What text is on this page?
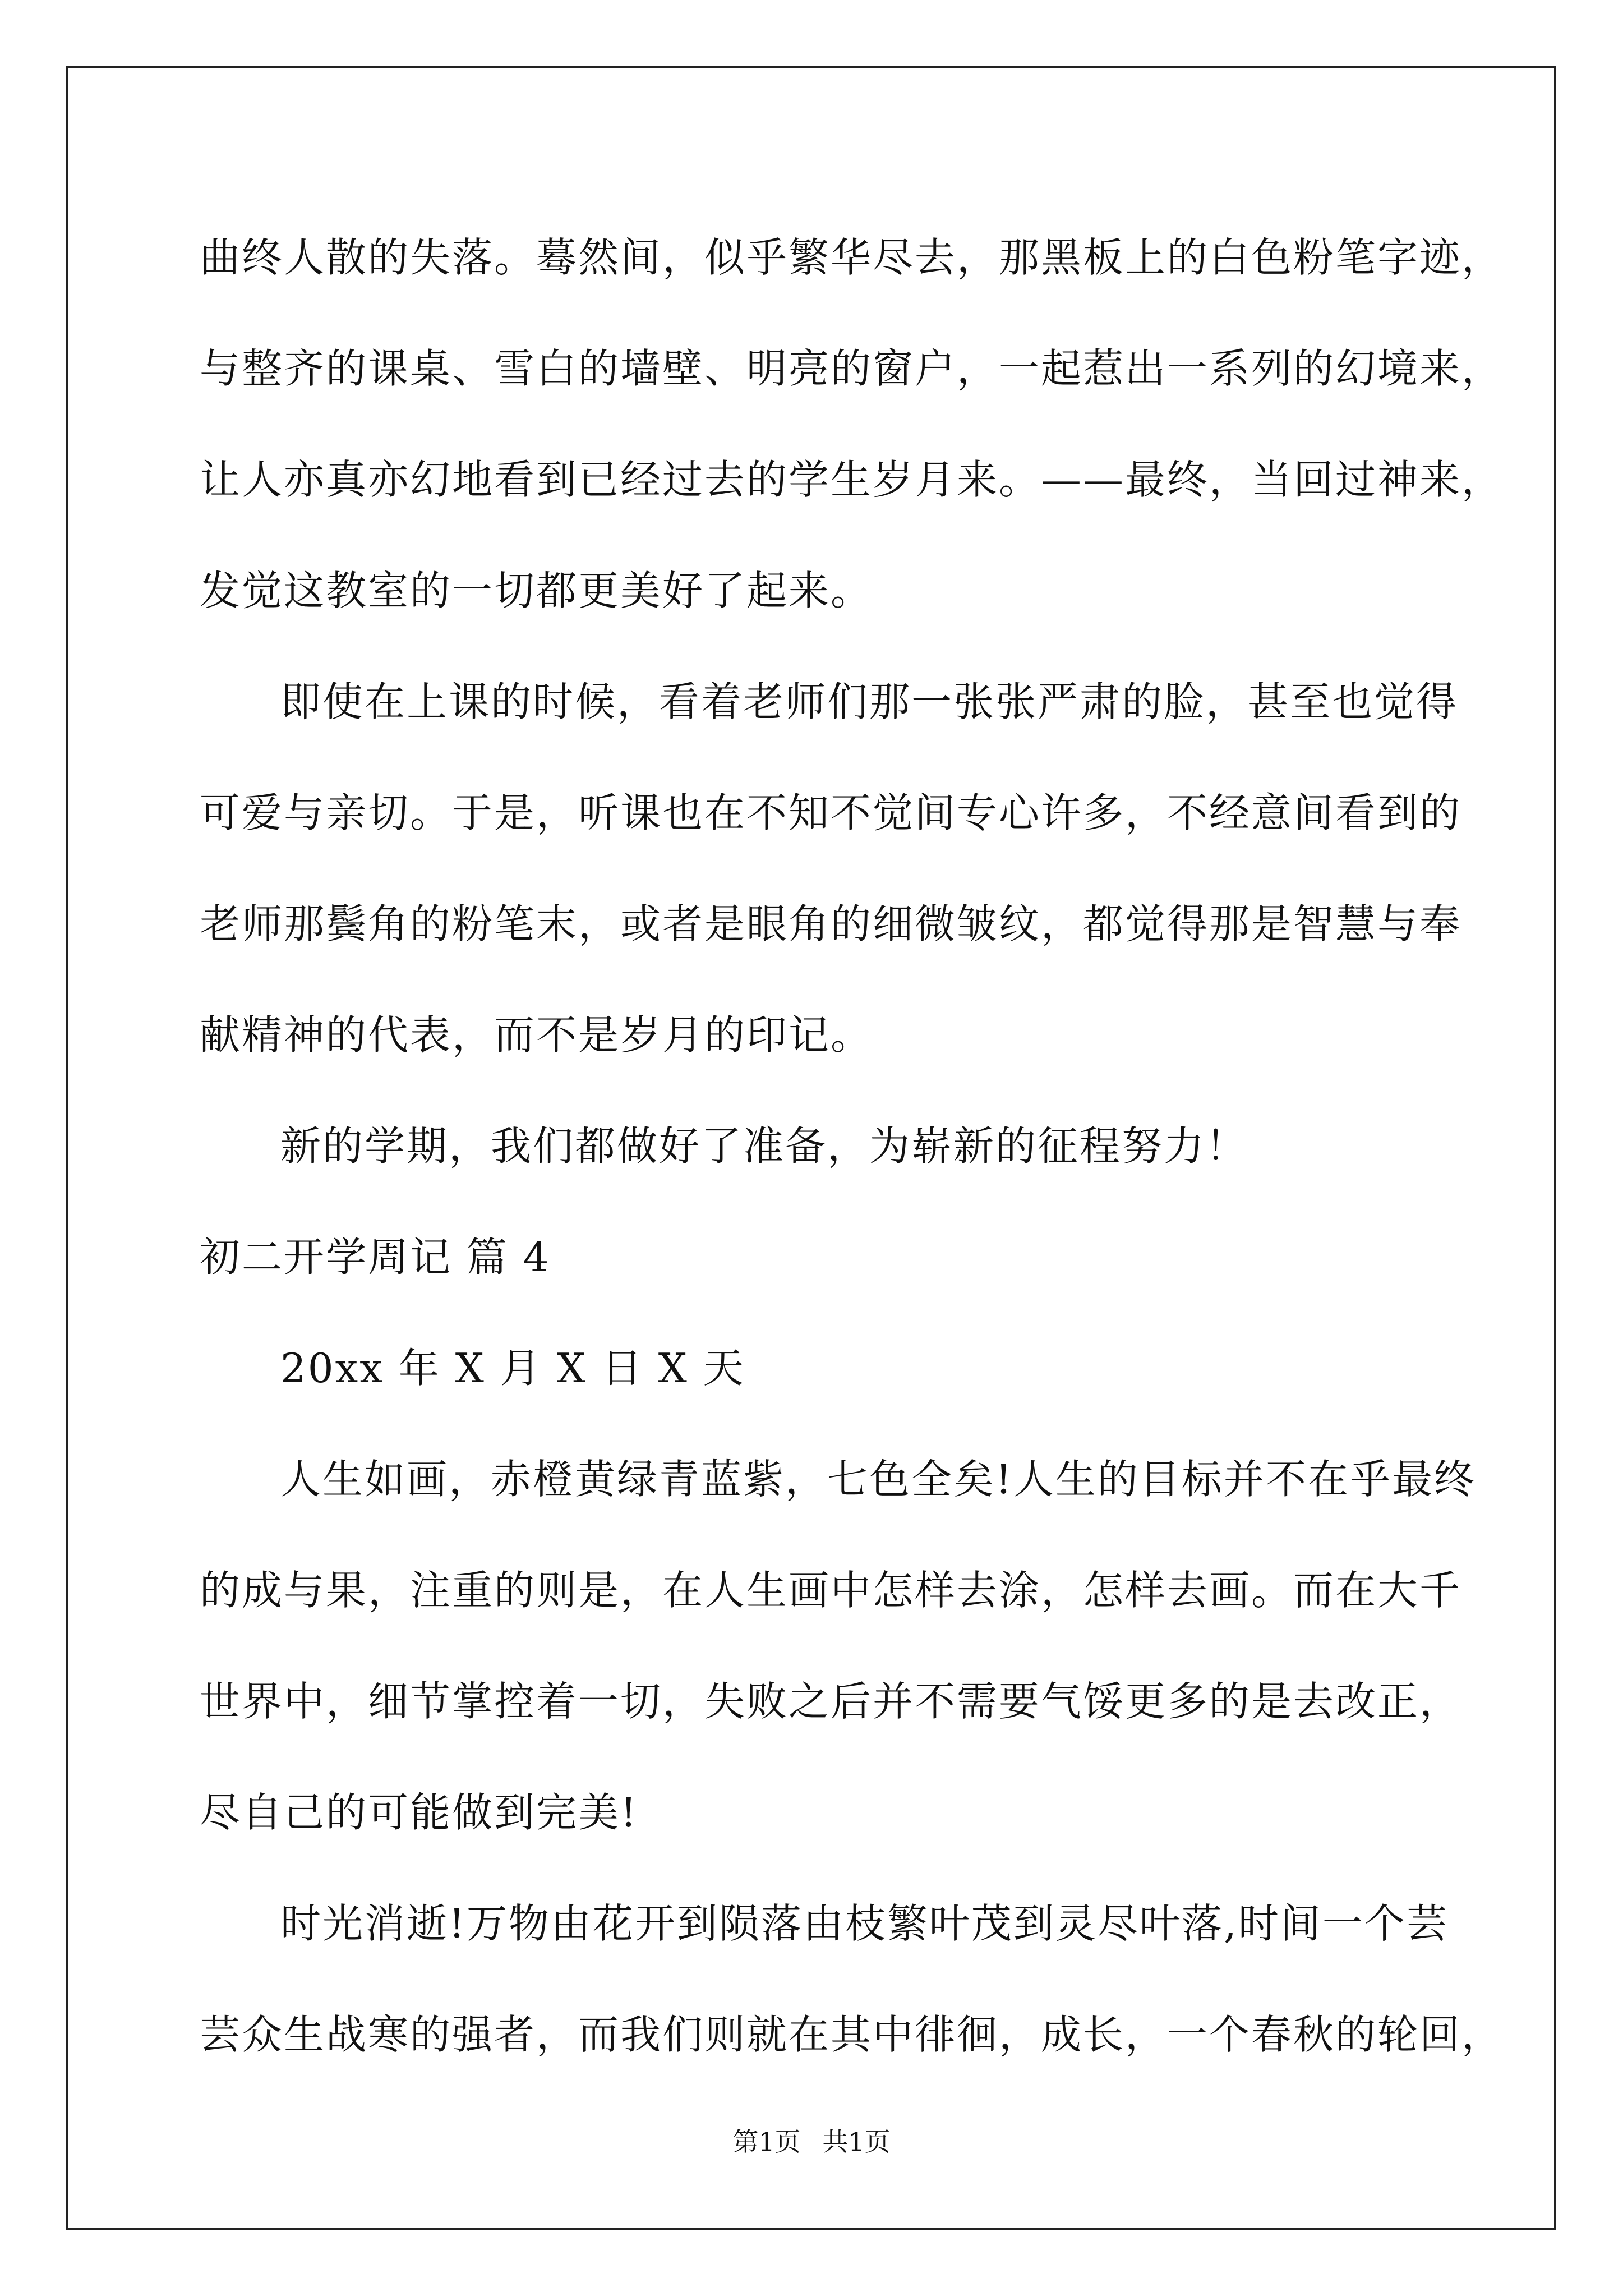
曲终人散的失落。蓦然间，似乎繁华尽去，那黑板上的白色粉笔字迹，
与整齐的课桌、雪白的墙壁、明亮的窗户，一起惹出一系列的幻境来，
让人亦真亦幻地看到已经过去的学生岁月来。——最终，当回过神来，
发觉这教室的一切都更美好了起来。
即使在上课的时候，看着老师们那一张张严肃的脸，甚至也觉得
可爱与亲切。于是，听课也在不知不觉间专心许多，不经意间看到的
老师那鬓角的粉笔末，或者是眼角的细微皱纹，都觉得那是智慧与奉
献精神的代表，而不是岁月的印记。
新的学期，我们都做好了准备，为崭新的征程努力！
初二开学周记 篇 4
20xx 年 X 月 X 日 X 天
人生如画，赤橙黄绿青蓝紫，七色全矣!人生的目标并不在乎最终
的成与果，注重的则是，在人生画中怎样去涂，怎样去画。而在大千
世界中，细节掌控着一切，失败之后并不需要气馁更多的是去改正，
尽自己的可能做到完美!
时光消逝!万物由花开到陨落由枝繁叶茂到灵尽叶落,时间一个芸
芸众生战寒的强者，而我们则就在其中徘徊，成长，一个春秋的轮回，
第1页 共1页
